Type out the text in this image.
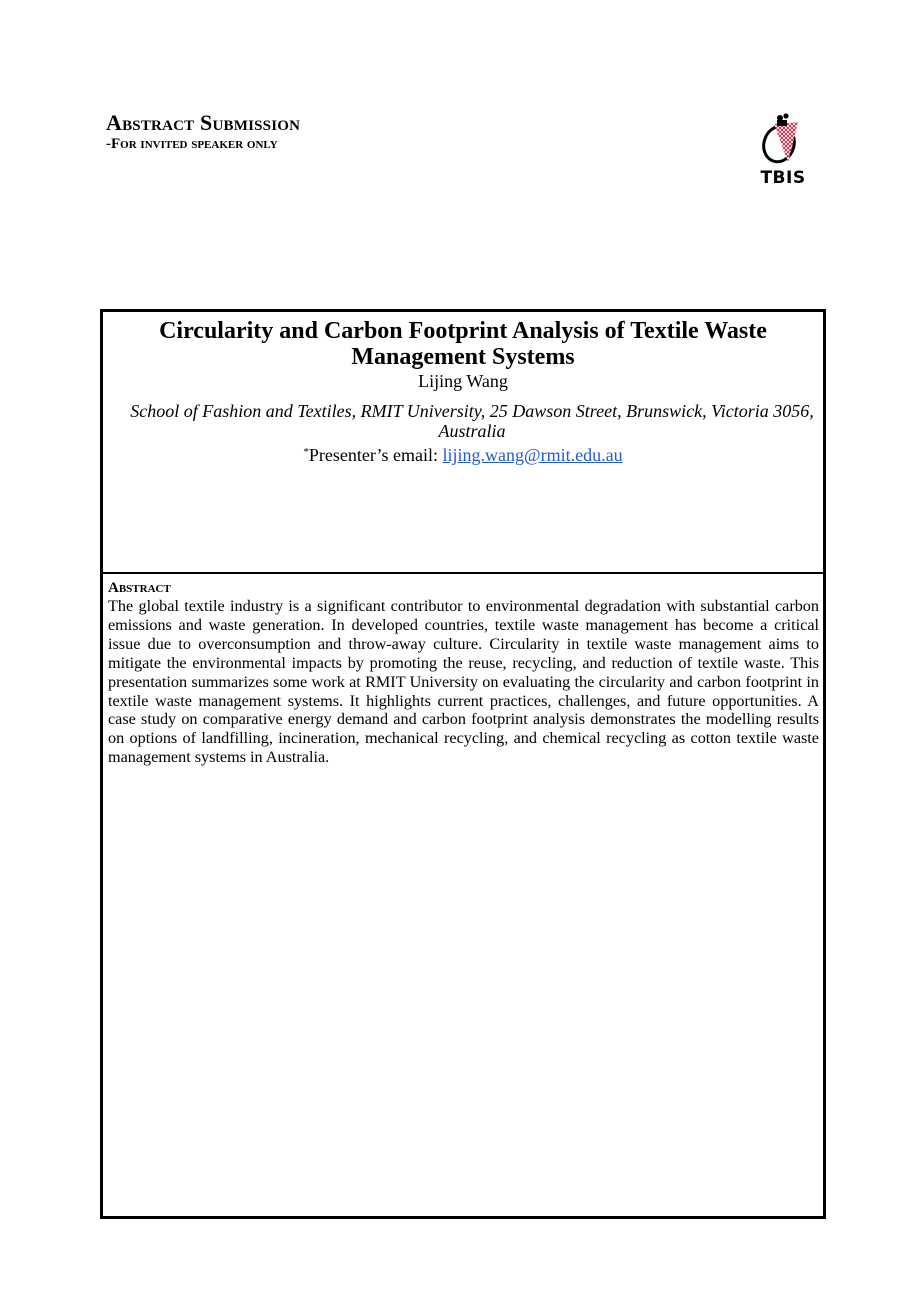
Abstract Submission
-For invited speaker only
TBIS
Circularity and Carbon Footprint Analysis of Textile Waste Management Systems
Lijing Wang
School of Fashion and Textiles, RMIT University, 25 Dawson Street, Brunswick, Victoria 3056, Australia
*Presenter’s email: lijing.wang@rmit.edu.au
Abstract
The global textile industry is a significant contributor to environmental degradation with substantial carbon emissions and waste generation. In developed countries, textile waste management has become a critical issue due to overconsumption and throw-away culture. Circularity in textile waste management aims to mitigate the environmental impacts by promoting the reuse, recycling, and reduction of textile waste. This presentation summarizes some work at RMIT University on evaluating the circularity and carbon footprint in textile waste management systems. It highlights current practices, challenges, and future opportunities. A case study on comparative energy demand and carbon footprint analysis demonstrates the modelling results on options of landfilling, incineration, mechanical recycling, and chemical recycling as cotton textile waste management systems in Australia.
